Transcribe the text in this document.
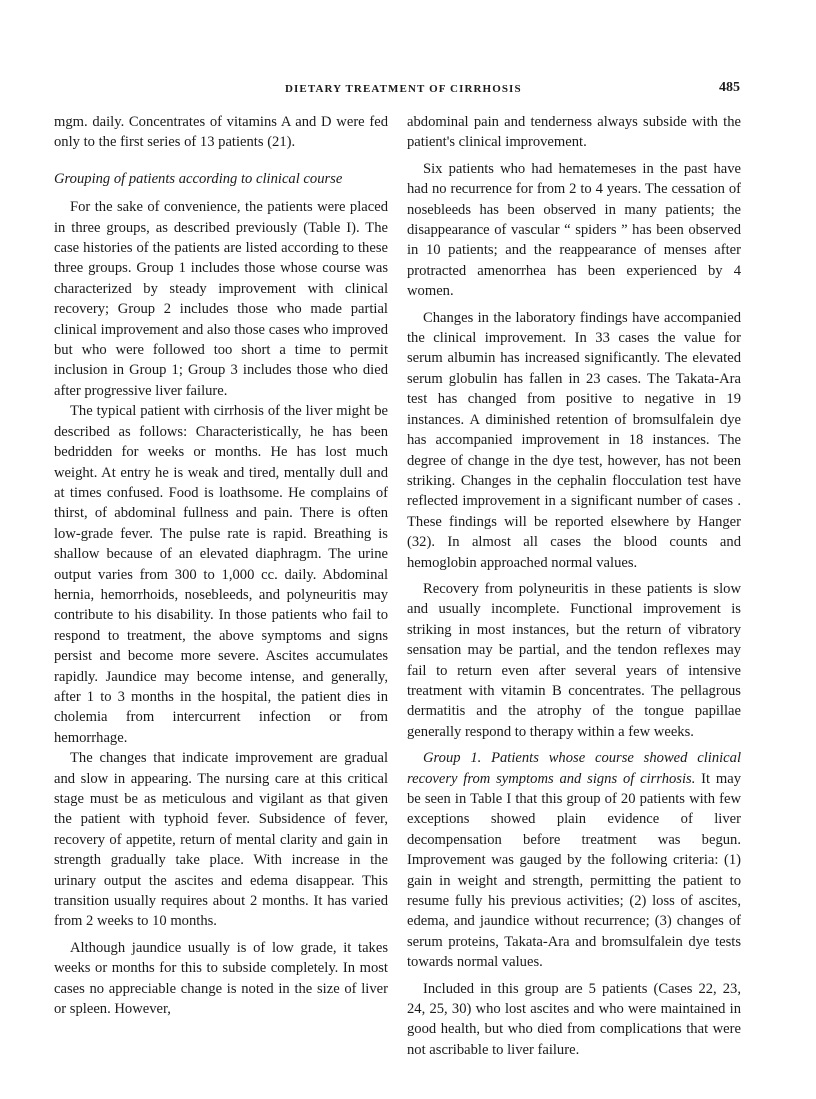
DIETARY TREATMENT OF CIRRHOSIS	485

mgm. daily. Concentrates of vitamins A and D were fed only to the first series of 13 patients (21).

Grouping of patients according to clinical course

For the sake of convenience, the patients were placed in three groups, as described previously (Table I). The case histories of the patients are listed according to these three groups. Group 1 includes those whose course was characterized by steady improvement with clinical recovery; Group 2 includes those who made partial clinical improvement and also those cases who improved but who were followed too short a time to permit inclusion in Group 1; Group 3 includes those who died after progressive liver failure.

The typical patient with cirrhosis of the liver might be described as follows: Characteristically, he has been bedridden for weeks or months. He has lost much weight. At entry he is weak and tired, mentally dull and at times confused. Food is loathsome. He complains of thirst, of abdominal fullness and pain. There is often low-grade fever. The pulse rate is rapid. Breathing is shallow because of an elevated diaphragm. The urine output varies from 300 to 1,000 cc. daily. Abdominal hernia, hemorrhoids, nosebleeds, and polyneuritis may contribute to his disability. In those patients who fail to respond to treatment, the above symptoms and signs persist and become more severe. Ascites accumulates rapidly. Jaundice may become intense, and generally, after 1 to 3 months in the hospital, the patient dies in cholemia from intercurrent infection or from hemorrhage.

The changes that indicate improvement are gradual and slow in appearing. The nursing care at this critical stage must be as meticulous and vigilant as that given the patient with typhoid fever. Subsidence of fever, recovery of appetite, return of mental clarity and gain in strength gradually take place. With increase in the urinary output the ascites and edema disappear. This transition usually requires about 2 months. It has varied from 2 weeks to 10 months.

Although jaundice usually is of low grade, it takes weeks or months for this to subside completely. In most cases no appreciable change is noted in the size of liver or spleen. However,

abdominal pain and tenderness always subside with the patient's clinical improvement.

Six patients who had hematemeses in the past have had no recurrence for from 2 to 4 years. The cessation of nosebleeds has been observed in many patients; the disappearance of vascular “ spiders ” has been observed in 10 patients; and the reappearance of menses after protracted amenorrhea has been experienced by 4 women.

Changes in the laboratory findings have accompanied the clinical improvement. In 33 cases the value for serum albumin has increased significantly. The elevated serum globulin has fallen in 23 cases. The Takata-Ara test has changed from positive to negative in 19 instances. A diminished retention of bromsulfalein dye has accompanied improvement in 18 instances. The degree of change in the dye test, however, has not been striking. Changes in the cephalin flocculation test have reflected improvement in a significant number of cases . These findings will be reported elsewhere by Hanger (32). In almost all cases the blood counts and hemoglobin approached normal values.

Recovery from polyneuritis in these patients is slow and usually incomplete. Functional improvement is striking in most instances, but the return of vibratory sensation may be partial, and the tendon reflexes may fail to return even after several years of intensive treatment with vitamin B concentrates. The pellagrous dermatitis and the atrophy of the tongue papillae generally respond to therapy within a few weeks.

Group 1. Patients whose course showed clinical recovery from symptoms and signs of cirrhosis. It may be seen in Table I that this group of 20 patients with few exceptions showed plain evidence of liver decompensation before treatment was begun. Improvement was gauged by the following criteria: (1) gain in weight and strength, permitting the patient to resume fully his previous activities; (2) loss of ascites, edema, and jaundice without recurrence; (3) changes of serum proteins, Takata-Ara and bromsulfalein dye tests towards normal values.

Included in this group are 5 patients (Cases 22, 23, 24, 25, 30) who lost ascites and who were maintained in good health, but who died from complications that were not ascribable to liver failure.
